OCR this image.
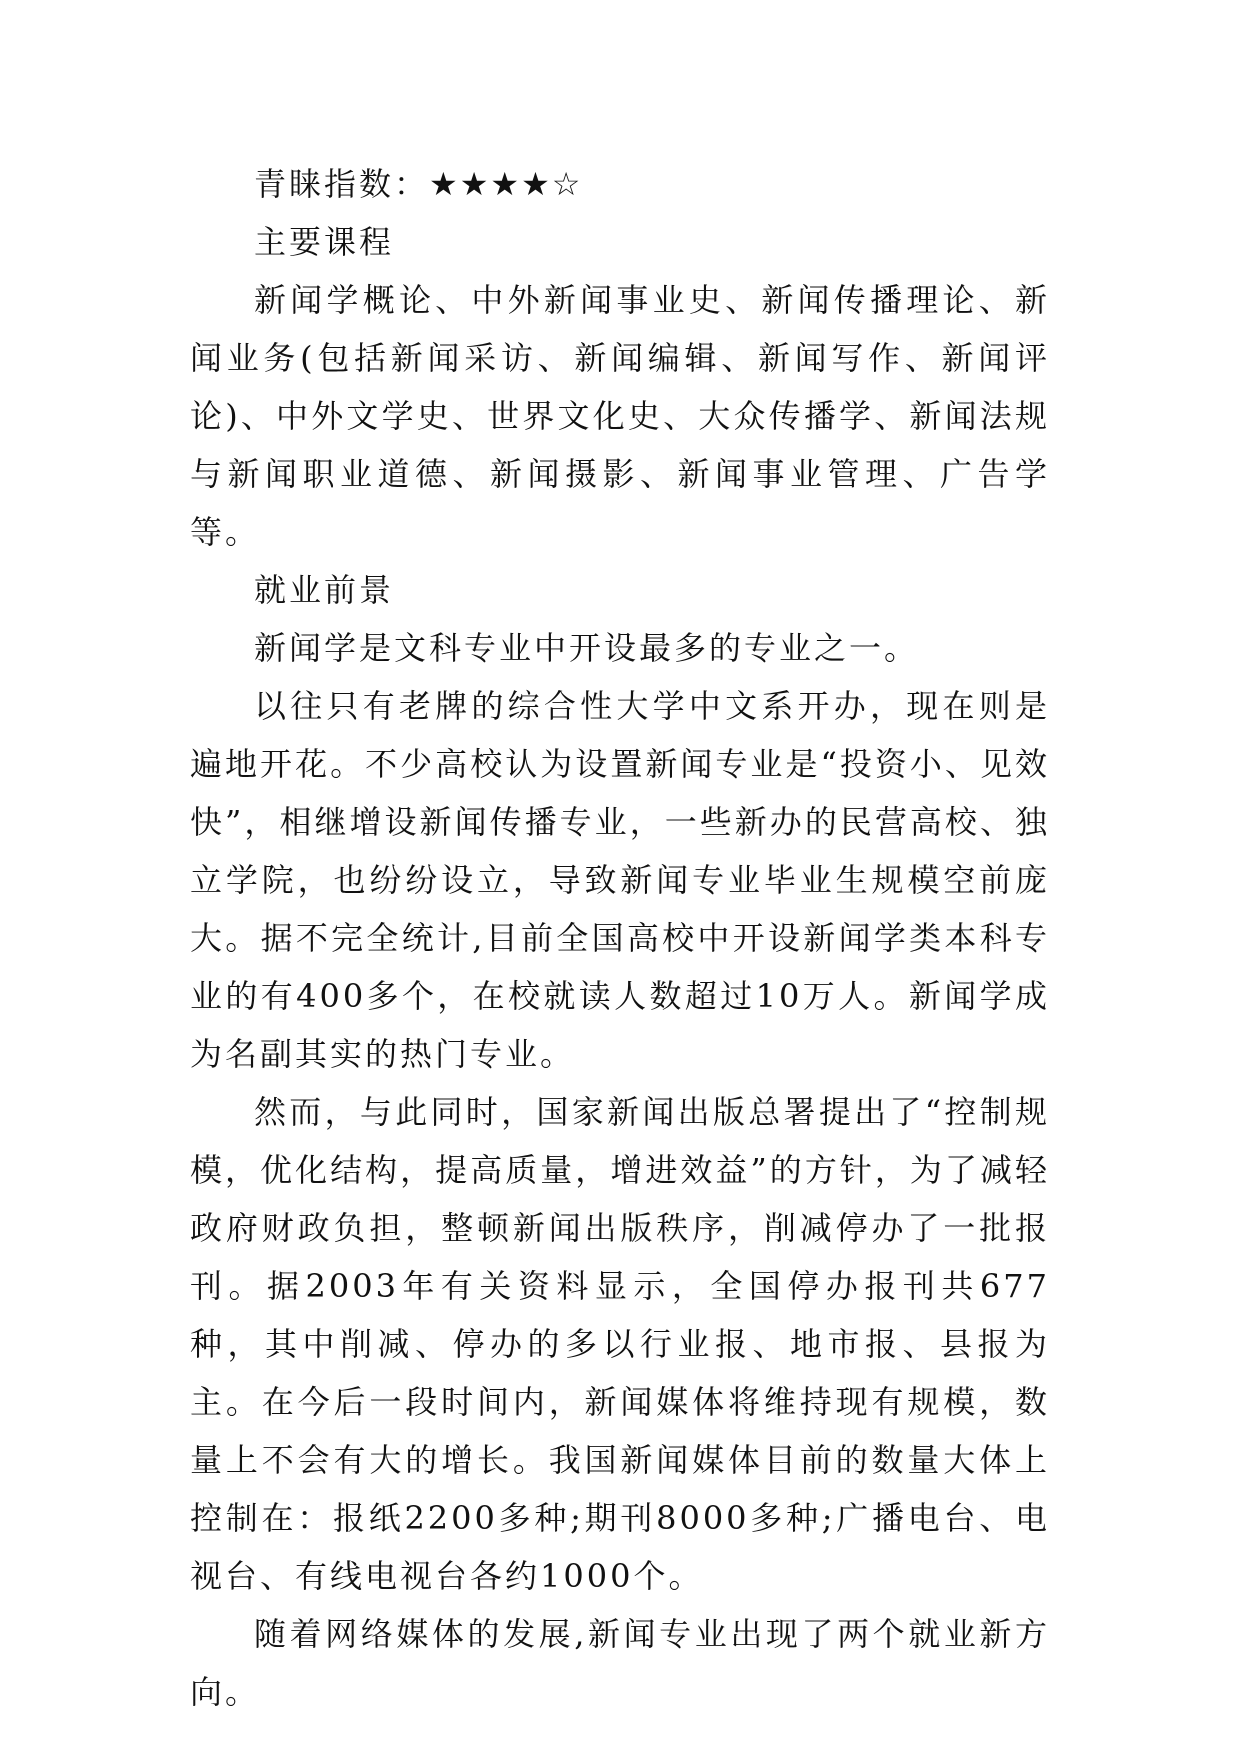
青睐指数：★★★★☆

主要课程

新闻学概论、中外新闻事业史、新闻传播理论、新闻业务(包括新闻采访、新闻编辑、新闻写作、新闻评论)、中外文学史、世界文化史、大众传播学、新闻法规与新闻职业道德、新闻摄影、新闻事业管理、广告学等。

就业前景

新闻学是文科专业中开设最多的专业之一。

以往只有老牌的综合性大学中文系开办，现在则是遍地开花。不少高校认为设置新闻专业是“投资小、见效快”，相继增设新闻传播专业，一些新办的民营高校、独立学院，也纷纷设立，导致新闻专业毕业生规模空前庞大。据不完全统计,目前全国高校中开设新闻学类本科专业的有400多个，在校就读人数超过10万人。新闻学成为名副其实的热门专业。

然而，与此同时，国家新闻出版总署提出了“控制规模，优化结构，提高质量，增进效益”的方针，为了减轻政府财政负担，整顿新闻出版秩序，削减停办了一批报刊。据2003年有关资料显示，全国停办报刊共677种，其中削减、停办的多以行业报、地市报、县报为主。在今后一段时间内，新闻媒体将维持现有规模，数量上不会有大的增长。我国新闻媒体目前的数量大体上控制在：报纸2200多种;期刊8000多种;广播电台、电视台、有线电视台各约1000个。

随着网络媒体的发展,新闻专业出现了两个就业新方向。
